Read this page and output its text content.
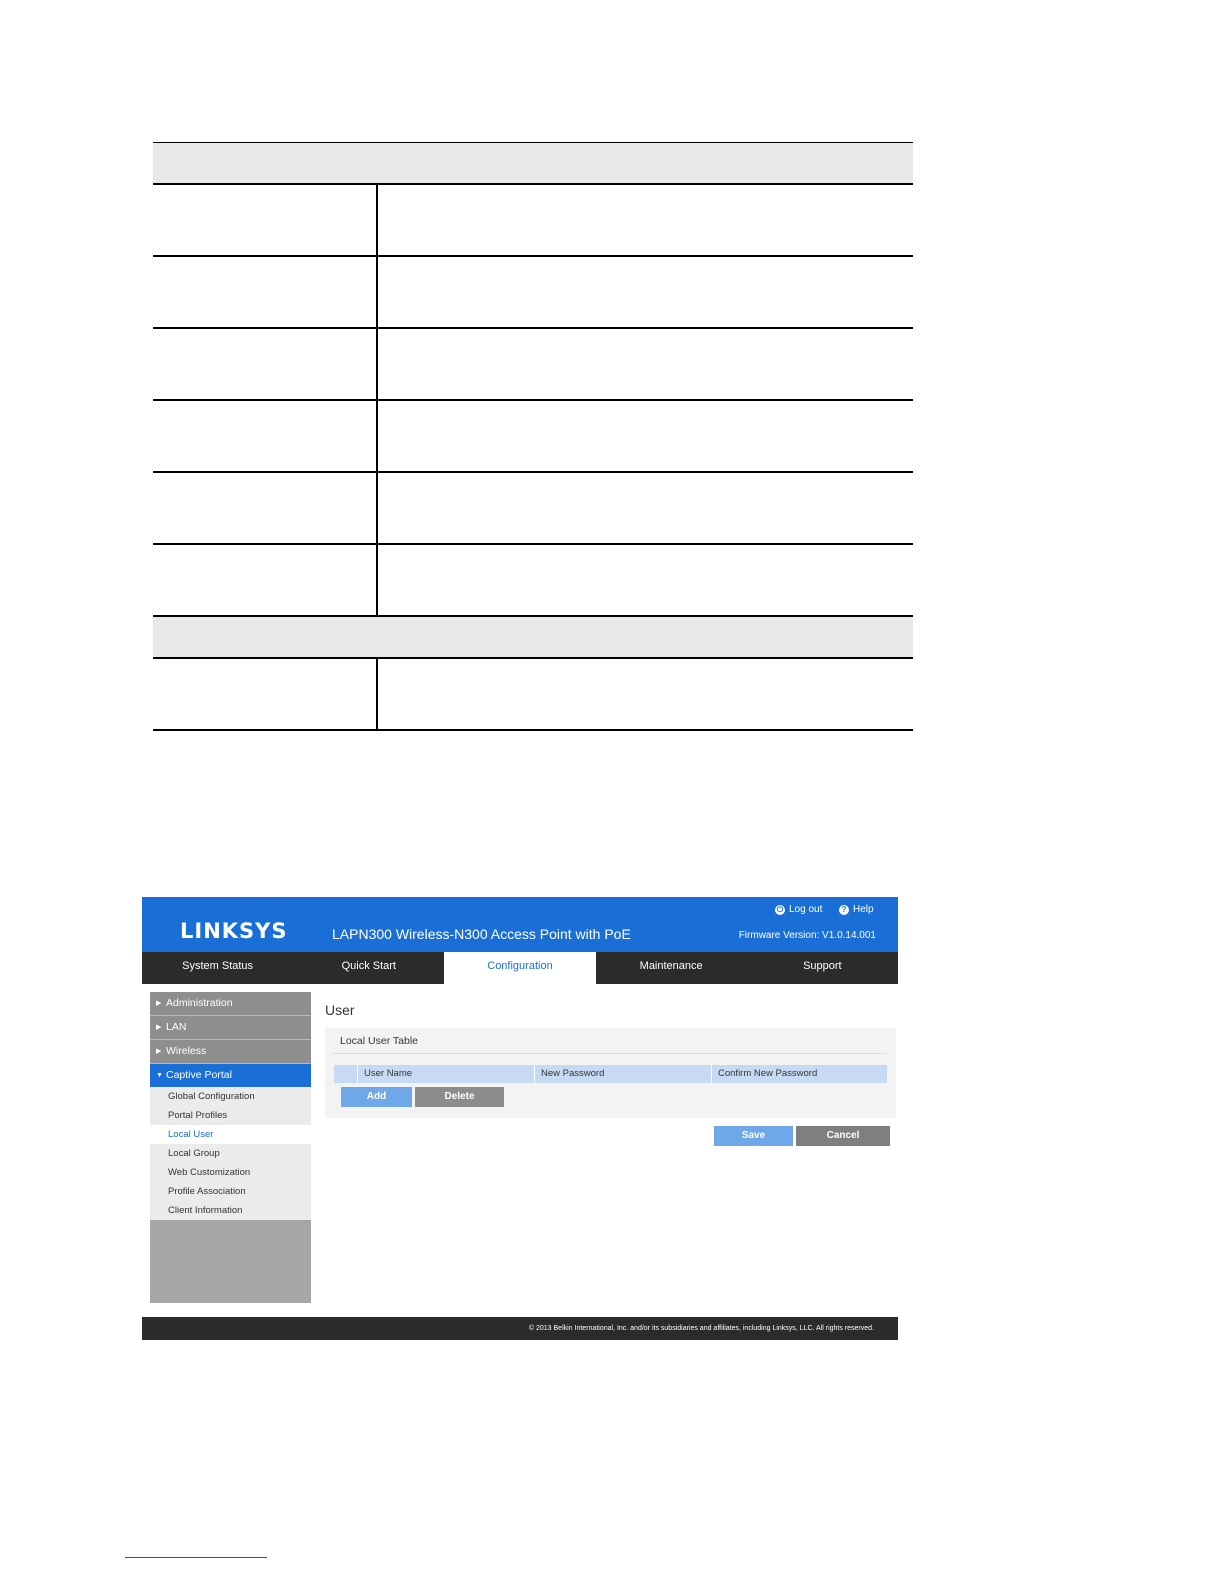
LINKSYS	LAPN300 Wireless-N300 Access Point with PoE
⏻ Log out	? Help
Firmware Version: V1.0.14.001
System Status	Quick Start	Configuration	Maintenance	Support
▶ Administration
▶ LAN
▶ Wireless
▼ Captive Portal
Global Configuration
Portal Profiles
Local User
Local Group
Web Customization
Profile Association
Client Information
User
Local User Table
User Name	New Password	Confirm New Password
Add	Delete
Save	Cancel
© 2013 Belkin International, Inc. and/or its subsidiaries and affiliates, including Linksys, LLC. All rights reserved.
